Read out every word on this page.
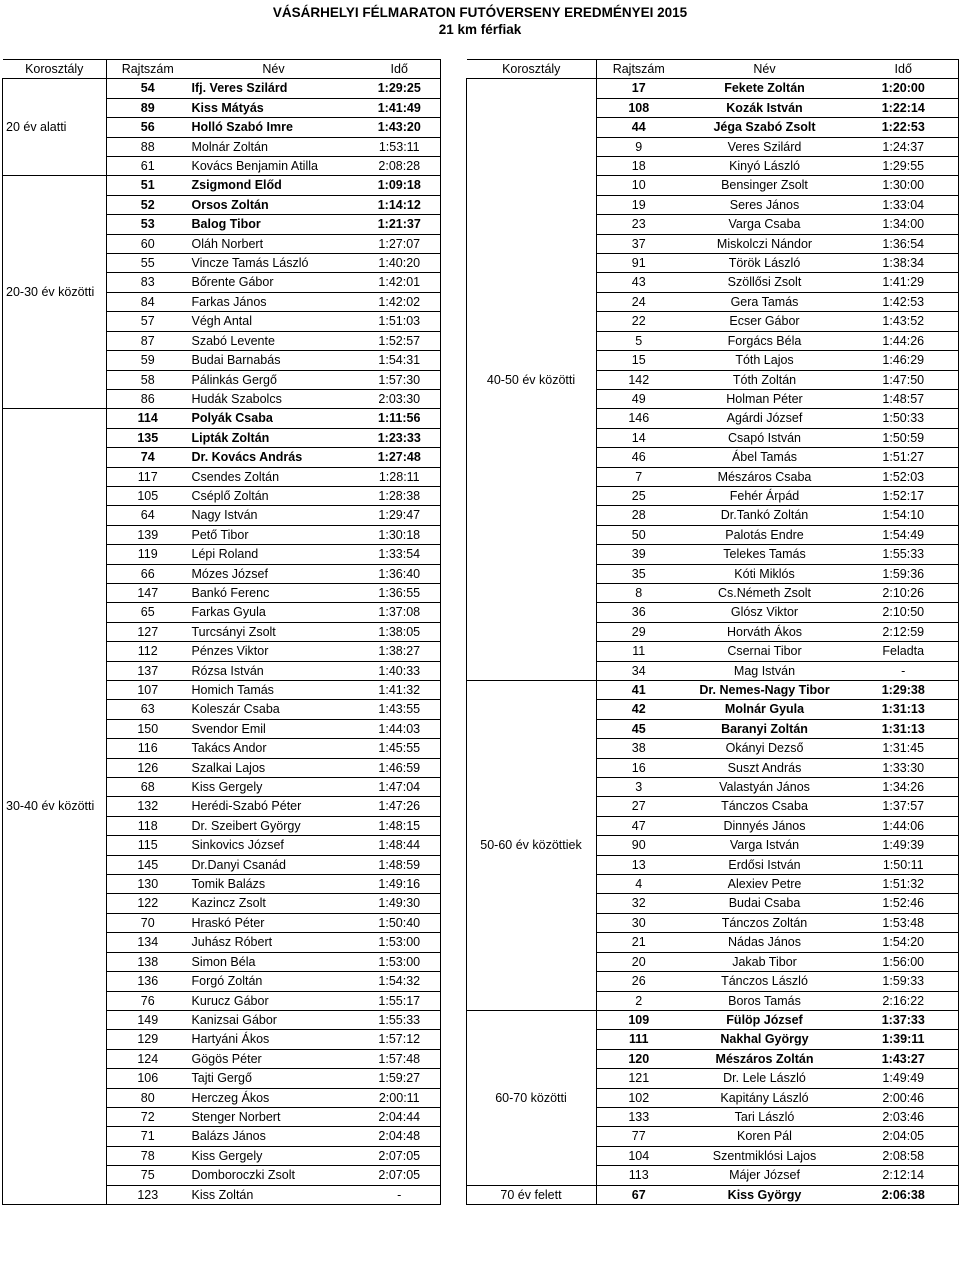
VÁSÁRHELYI FÉLMARATON FUTÓVERSENY EREDMÉNYEI 2015
21 km férfiak
Korosztály	Rajtszám	Név	Idő
20 év alatti	54	Ifj. Veres Szilárd	1:29:25
	89	Kiss Mátyás	1:41:49
	56	Holló Szabó Imre	1:43:20
	88	Molnár Zoltán	1:53:11
	61	Kovács Benjamin Atilla	2:08:28
20-30 év közötti	51	Zsigmond Előd	1:09:18
	52	Orsos Zoltán	1:14:12
	53	Balog Tibor	1:21:37
	60	Oláh Norbert	1:27:07
	55	Vincze Tamás László	1:40:20
	83	Bőrente Gábor	1:42:01
	84	Farkas János	1:42:02
	57	Végh Antal	1:51:03
	87	Szabó Levente	1:52:57
	59	Budai Barnabás	1:54:31
	58	Pálinkás Gergő	1:57:30
	86	Hudák Szabolcs	2:03:30
30-40 év közötti	114	Polyák Csaba	1:11:56
	135	Lipták Zoltán	1:23:33
	74	Dr. Kovács András	1:27:48
	117	Csendes Zoltán	1:28:11
	105	Cséplő Zoltán	1:28:38
	64	Nagy István	1:29:47
	139	Pető Tibor	1:30:18
	119	Lépi Roland	1:33:54
	66	Mózes József	1:36:40
	147	Bankó Ferenc	1:36:55
	65	Farkas Gyula	1:37:08
	127	Turcsányi Zsolt	1:38:05
	112	Pénzes Viktor	1:38:27
	137	Rózsa István	1:40:33
	107	Homich Tamás	1:41:32
	63	Koleszár Csaba	1:43:55
	150	Svendor Emil	1:44:03
	116	Takács Andor	1:45:55
	126	Szalkai Lajos	1:46:59
	68	Kiss Gergely	1:47:04
	132	Herédi-Szabó Péter	1:47:26
	118	Dr. Szeibert György	1:48:15
	115	Sinkovics József	1:48:44
	145	Dr.Danyi Csanád	1:48:59
	130	Tomik Balázs	1:49:16
	122	Kazincz Zsolt	1:49:30
	70	Hraskó Péter	1:50:40
	134	Juhász Róbert	1:53:00
	138	Simon Béla	1:53:00
	136	Forgó Zoltán	1:54:32
	76	Kurucz Gábor	1:55:17
	149	Kanizsai Gábor	1:55:33
	129	Hartyáni Ákos	1:57:12
	124	Gögös Péter	1:57:48
	106	Tajti Gergő	1:59:27
	80	Herczeg Ákos	2:00:11
	72	Stenger Norbert	2:04:44
	71	Balázs János	2:04:48
	78	Kiss Gergely	2:07:05
	75	Domboroczki Zsolt	2:07:05
	123	Kiss Zoltán	-
Korosztály	Rajtszám	Név	Idő
40-50 év közötti	17	Fekete Zoltán	1:20:00
	108	Kozák István	1:22:14
	44	Jéga Szabó Zsolt	1:22:53
	9	Veres Szilárd	1:24:37
	18	Kinyó László	1:29:55
	10	Bensinger Zsolt	1:30:00
	19	Seres János	1:33:04
	23	Varga Csaba	1:34:00
	37	Miskolczi Nándor	1:36:54
	91	Török László	1:38:34
	43	Szöllősi Zsolt	1:41:29
	24	Gera Tamás	1:42:53
	22	Ecser Gábor	1:43:52
	5	Forgács Béla	1:44:26
	15	Tóth Lajos	1:46:29
	142	Tóth Zoltán	1:47:50
	49	Holman Péter	1:48:57
	146	Agárdi József	1:50:33
	14	Csapó István	1:50:59
	46	Ábel Tamás	1:51:27
	7	Mészáros Csaba	1:52:03
	25	Fehér Árpád	1:52:17
	28	Dr.Tankó Zoltán	1:54:10
	50	Palotás Endre	1:54:49
	39	Telekes Tamás	1:55:33
	35	Kóti Miklós	1:59:36
	8	Cs.Németh Zsolt	2:10:26
	36	Glósz Viktor	2:10:50
	29	Horváth Ákos	2:12:59
	11	Csernai Tibor	Feladta
	34	Mag István	-
50-60 év közöttiek	41	Dr. Nemes-Nagy Tibor	1:29:38
	42	Molnár Gyula	1:31:13
	45	Baranyi Zoltán	1:31:13
	38	Okányi Dezső	1:31:45
	16	Suszt András	1:33:30
	3	Valastyán János	1:34:26
	27	Tánczos Csaba	1:37:57
	47	Dinnyés János	1:44:06
	90	Varga István	1:49:39
	13	Erdősi István	1:50:11
	4	Alexiev Petre	1:51:32
	32	Budai Csaba	1:52:46
	30	Tánczos Zoltán	1:53:48
	21	Nádas János	1:54:20
	20	Jakab Tibor	1:56:00
	26	Tánczos László	1:59:33
	2	Boros Tamás	2:16:22
60-70 közötti	109	Fülöp József	1:37:33
	111	Nakhal György	1:39:11
	120	Mészáros Zoltán	1:43:27
	121	Dr. Lele László	1:49:49
	102	Kapitány László	2:00:46
	133	Tari László	2:03:46
	77	Koren Pál	2:04:05
	104	Szentmiklósi Lajos	2:08:58
	113	Májer József	2:12:14
70 év felett	67	Kiss György	2:06:38
